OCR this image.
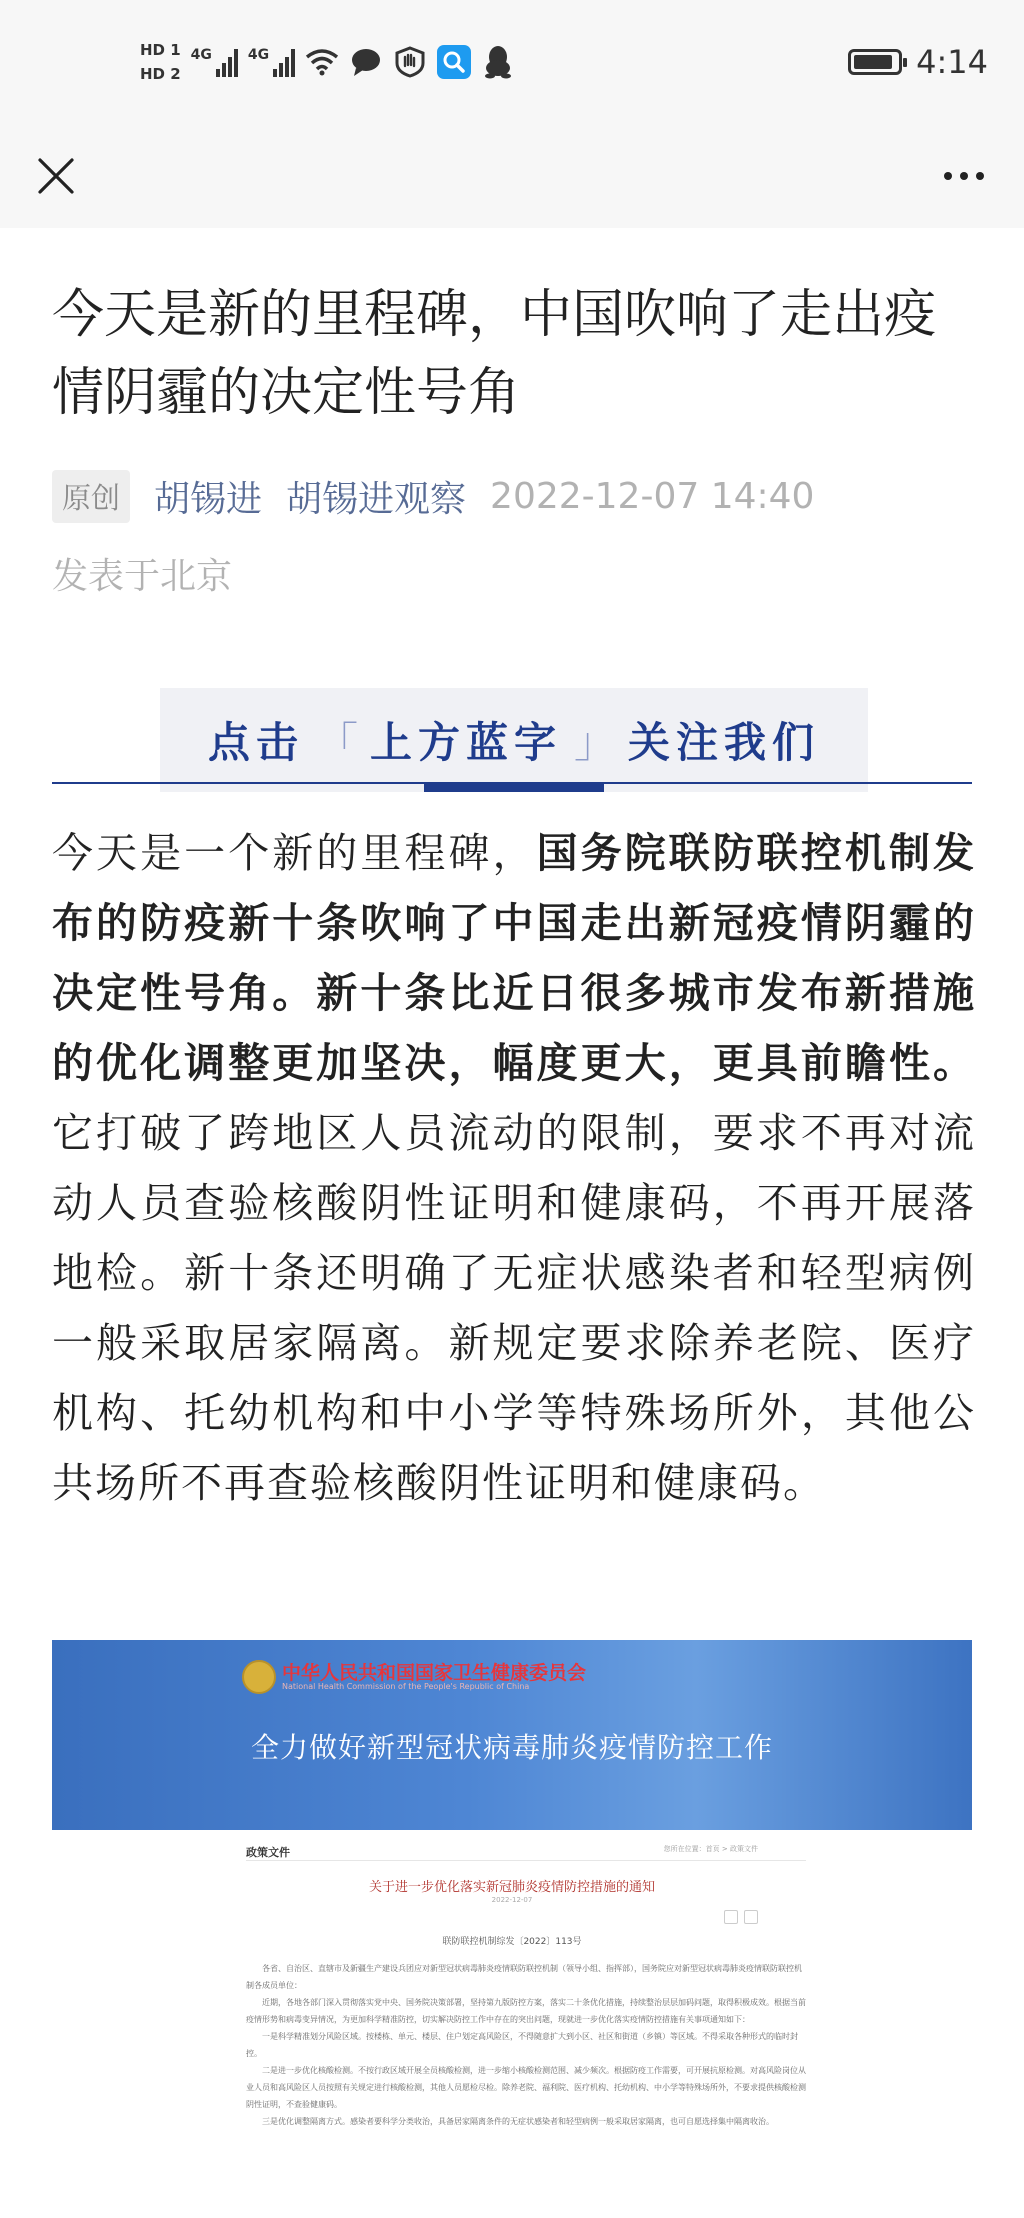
HD 1
HD 2
4G	4G	4:14
今天是新的里程碑，中国吹响了走出疫情阴霾的决定性号角
原创 胡锡进 胡锡进观察 2022-12-07 14:40
发表于北京
点击 「 上方蓝字 」 关注我们

今天是一个新的里程碑，国务院联防联控机制发布的防疫新十条吹响了中国走出新冠疫情阴霾的决定性号角。新十条比近日很多城市发布新措施的优化调整更加坚决，幅度更大，更具前瞻性。它打破了跨地区人员流动的限制，要求不再对流动人员查验核酸阴性证明和健康码，不再开展落地检。新十条还明确了无症状感染者和轻型病例一般采取居家隔离。新规定要求除养老院、医疗机构、托幼机构和中小学等特殊场所外，其他公共场所不再查验核酸阴性证明和健康码。

中华人民共和国国家卫生健康委员会
National Health Commission of the People's Republic of China
全力做好新型冠状病毒肺炎疫情防控工作
政策文件	您所在位置：首页 > 政策文件
关于进一步优化落实新冠肺炎疫情防控措施的通知
2022-12-07
联防联控机制综发〔2022〕113号

各省、自治区、直辖市及新疆生产建设兵团应对新型冠状病毒肺炎疫情联防联控机制（领导小组、指挥部），国务院应对新型冠状病毒肺炎疫情联防联控机制各成员单位：

近期，各地各部门深入贯彻落实党中央、国务院决策部署，坚持第九版防控方案，落实二十条优化措施，持续整治层层加码问题，取得积极成效。根据当前疫情形势和病毒变异情况，为更加科学精准防控，切实解决防控工作中存在的突出问题，现就进一步优化落实疫情防控措施有关事项通知如下：

一是科学精准划分风险区域。按楼栋、单元、楼层、住户划定高风险区，不得随意扩大到小区、社区和街道（乡镇）等区域。不得采取各种形式的临时封控。

二是进一步优化核酸检测。不按行政区域开展全员核酸检测，进一步缩小核酸检测范围、减少频次。根据防疫工作需要，可开展抗原检测。对高风险岗位从业人员和高风险区人员按照有关规定进行核酸检测，其他人员愿检尽检。除养老院、福利院、医疗机构、托幼机构、中小学等特殊场所外，不要求提供核酸检测阴性证明，不查验健康码。

三是优化调整隔离方式。感染者要科学分类收治，具备居家隔离条件的无症状感染者和轻型病例一般采取居家隔离，也可自愿选择集中隔离收治。
